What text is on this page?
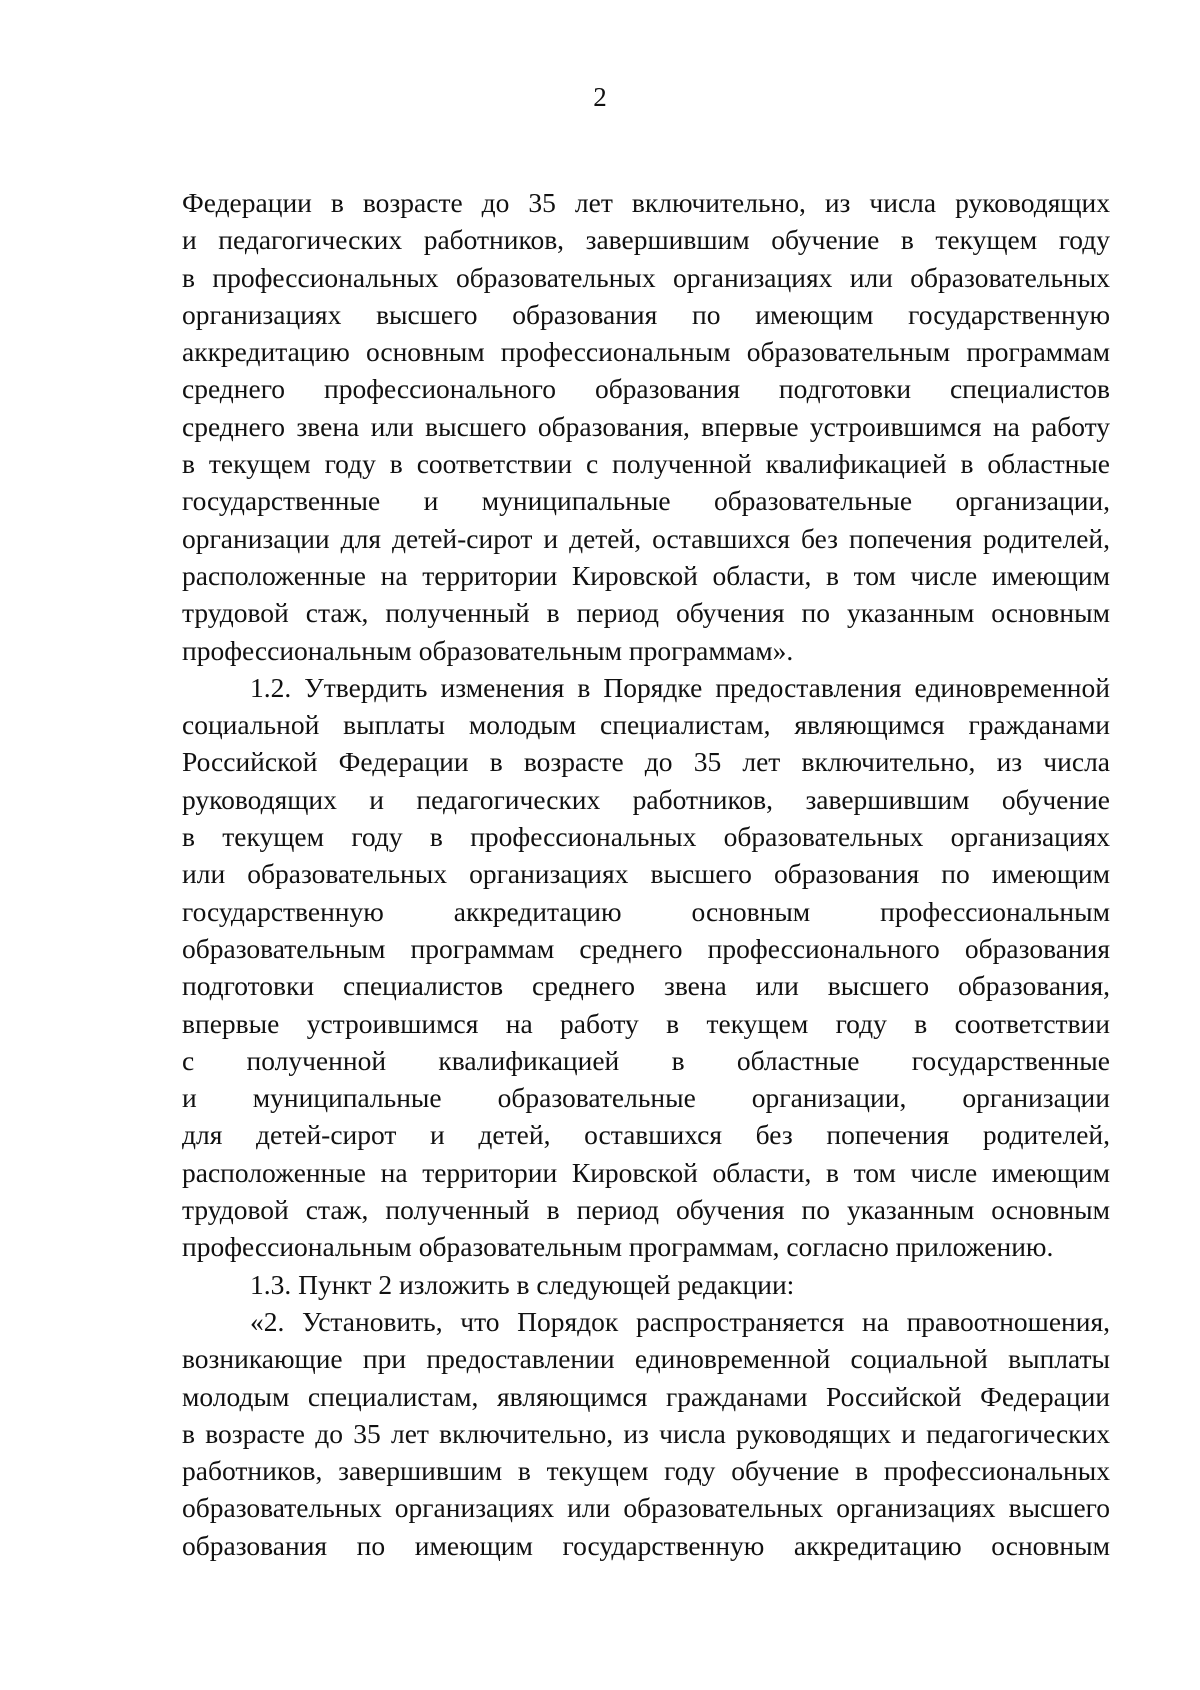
2
Федерации в возрасте до 35 лет включительно, из числа руководящих
и педагогических работников, завершившим обучение в текущем году
в профессиональных образовательных организациях или образовательных
организациях высшего образования по имеющим государственную
аккредитацию основным профессиональным образовательным программам
среднего профессионального образования подготовки специалистов
среднего звена или высшего образования, впервые устроившимся на работу
в текущем году в соответствии с полученной квалификацией в областные
государственные и муниципальные образовательные организации,
организации для детей-сирот и детей, оставшихся без попечения родителей,
расположенные на территории Кировской области, в том числе имеющим
трудовой стаж, полученный в период обучения по указанным основным
профессиональным образовательным программам».
1.2. Утвердить изменения в Порядке предоставления единовременной
социальной выплаты молодым специалистам, являющимся гражданами
Российской Федерации в возрасте до 35 лет включительно, из числа
руководящих и педагогических работников, завершившим обучение
в текущем году в профессиональных образовательных организациях
или образовательных организациях высшего образования по имеющим
государственную аккредитацию основным профессиональным
образовательным программам среднего профессионального образования
подготовки специалистов среднего звена или высшего образования,
впервые устроившимся на работу в текущем году в соответствии
с полученной квалификацией в областные государственные
и муниципальные образовательные организации, организации
для детей-сирот и детей, оставшихся без попечения родителей,
расположенные на территории Кировской области, в том числе имеющим
трудовой стаж, полученный в период обучения по указанным основным
профессиональным образовательным программам, согласно приложению.
1.3. Пункт 2 изложить в следующей редакции:
«2. Установить, что Порядок распространяется на правоотношения,
возникающие при предоставлении единовременной социальной выплаты
молодым специалистам, являющимся гражданами Российской Федерации
в возрасте до 35 лет включительно, из числа руководящих и педагогических
работников, завершившим в текущем году обучение в профессиональных
образовательных организациях или образовательных организациях высшего
образования по имеющим государственную аккредитацию основным
